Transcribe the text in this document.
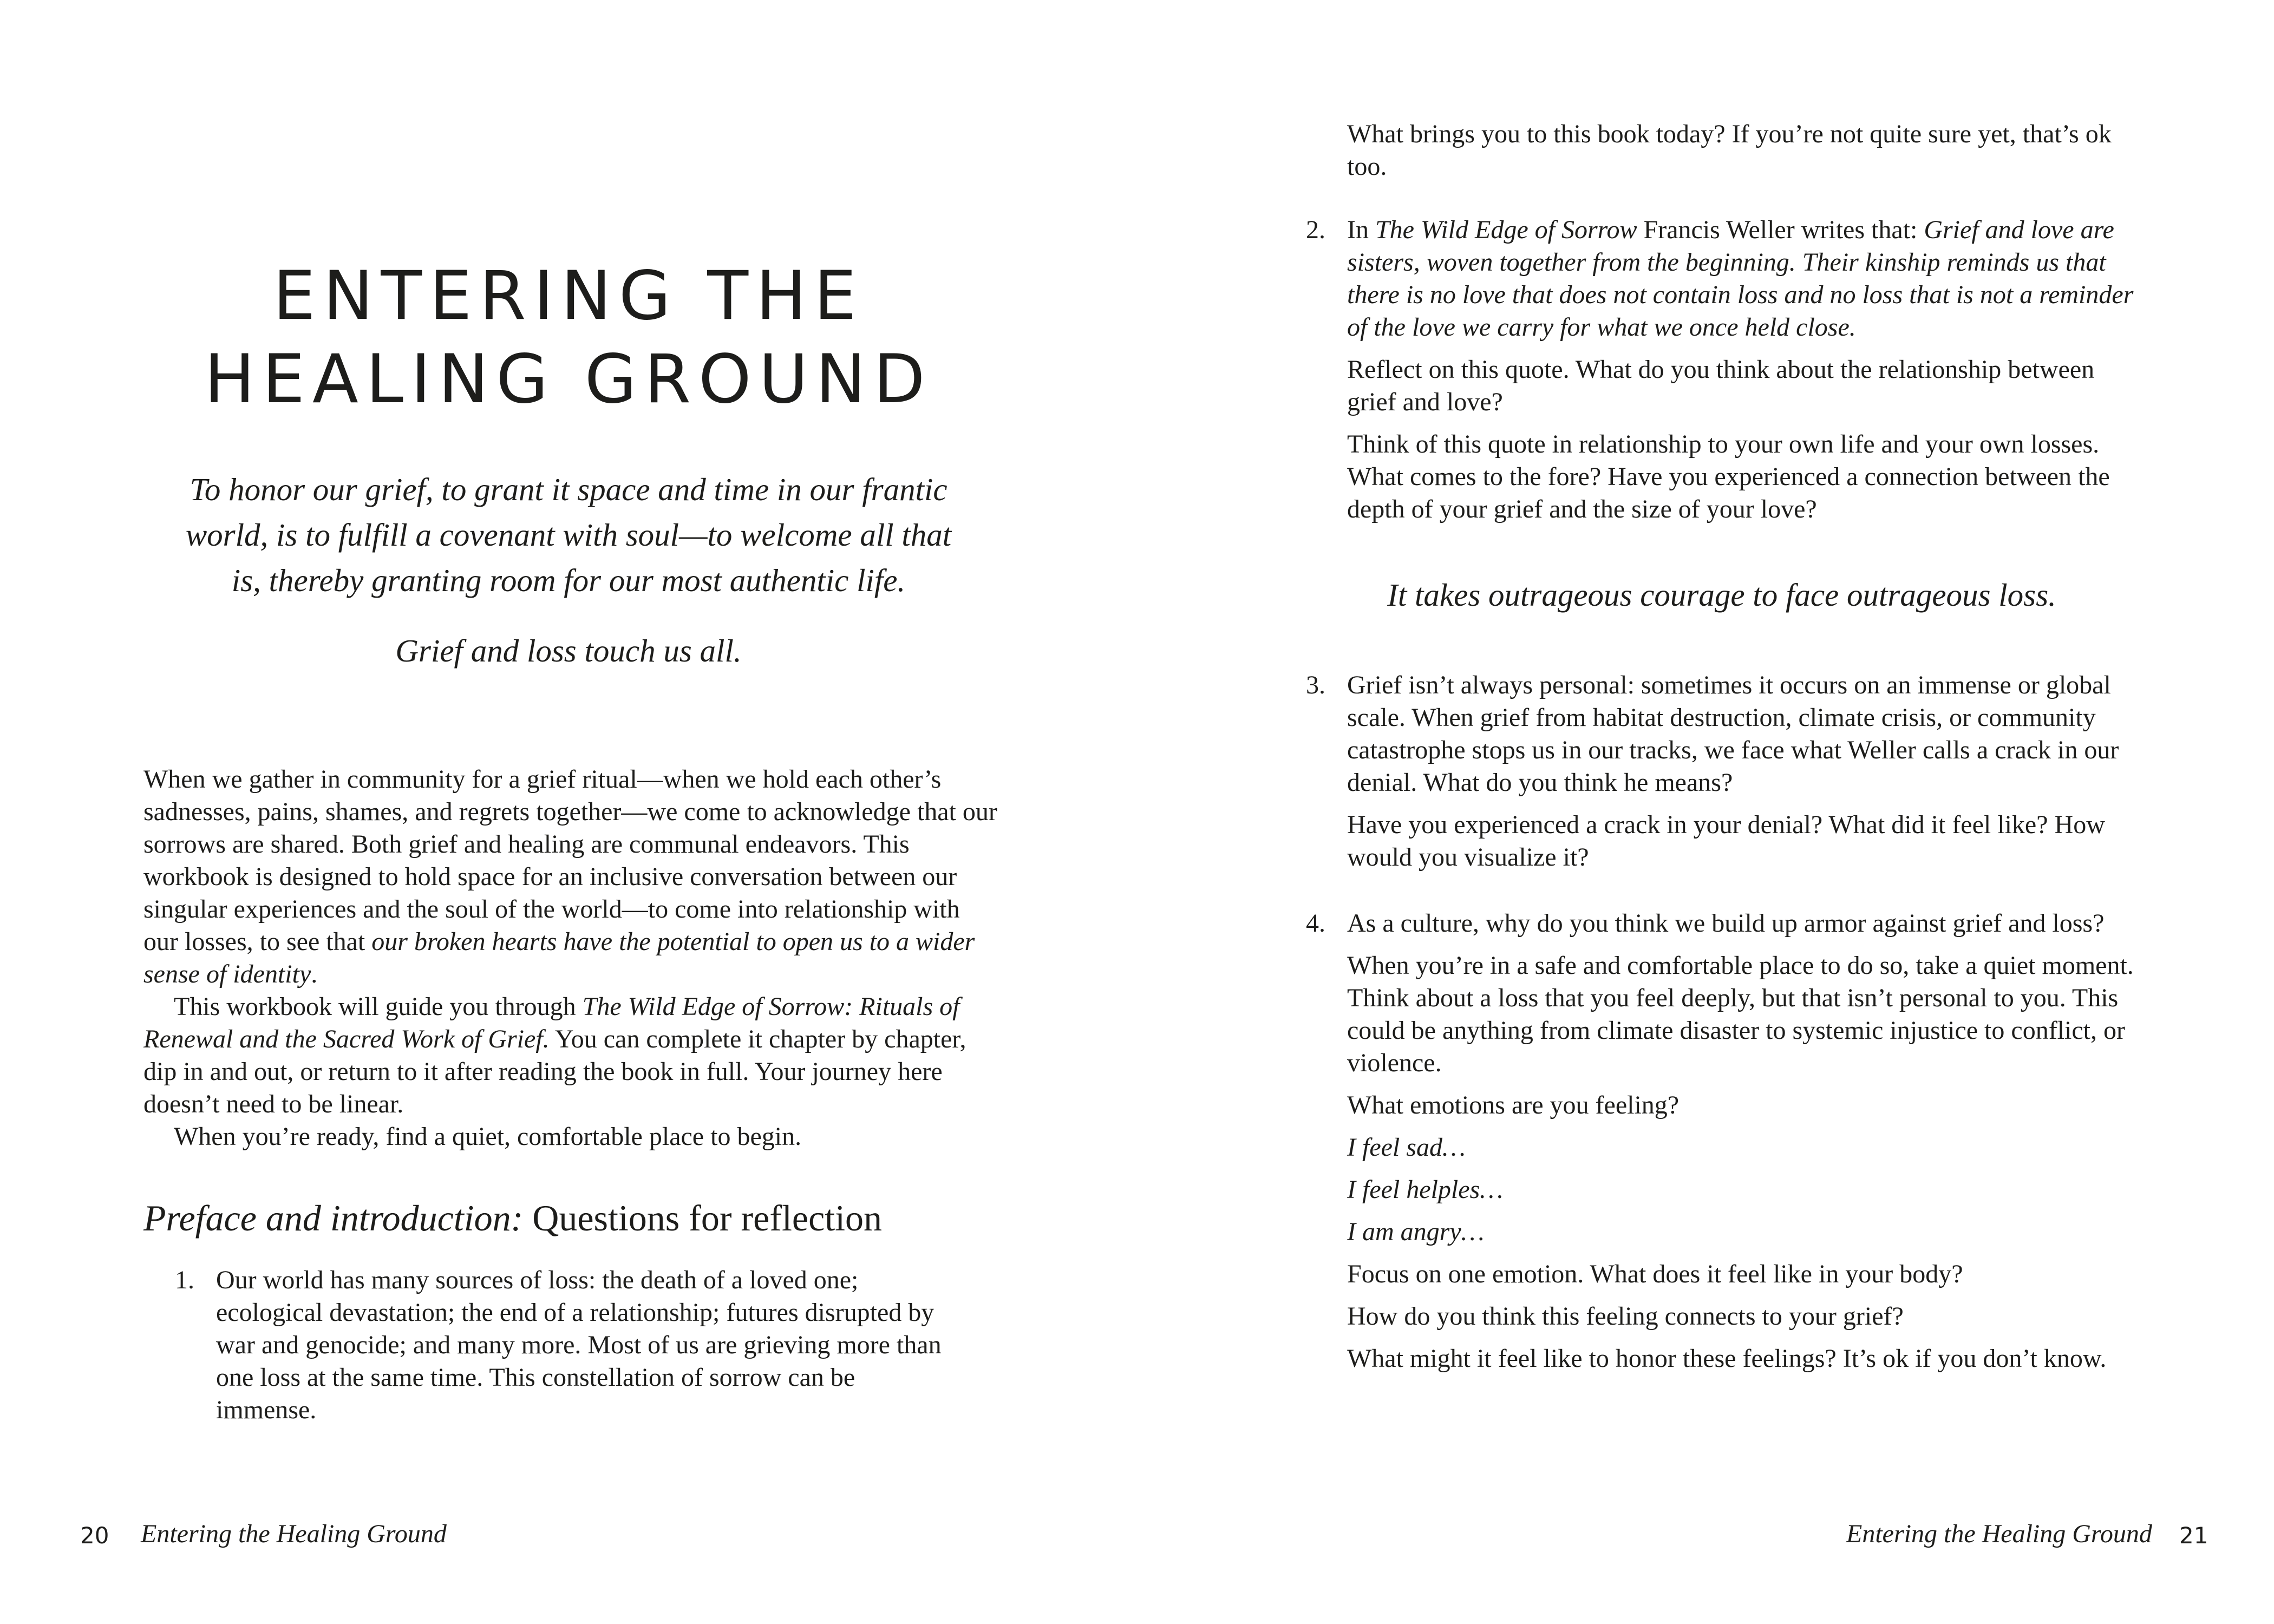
ENTERING THE
HEALING GROUND

To honor our grief, to grant it space and time in our frantic world, is to fulfill a covenant with soul—to welcome all that is, thereby granting room for our most authentic life.

Grief and loss touch us all.

When we gather in community for a grief ritual—when we hold each other’s sadnesses, pains, shames, and regrets together—we come to acknowledge that our sorrows are shared. Both grief and healing are communal endeavors. This workbook is designed to hold space for an inclusive conversation between our singular experiences and the soul of the world—to come into relationship with our losses, to see that our broken hearts have the potential to open us to a wider sense of identity.

This workbook will guide you through The Wild Edge of Sorrow: Rituals of Renewal and the Sacred Work of Grief. You can complete it chapter by chapter, dip in and out, or return to it after reading the book in full. Your journey here doesn’t need to be linear.

When you’re ready, find a quiet, comfortable place to begin.

Preface and introduction: Questions for reflection
1. Our world has many sources of loss: the death of a loved one; ecological devastation; the end of a relationship; futures disrupted by war and genocide; and many more. Most of us are grieving more than one loss at the same time. This constellation of sorrow can be immense.

20 Entering the Healing Ground

What brings you to this book today? If you’re not quite sure yet, that’s ok too.

2. In The Wild Edge of Sorrow Francis Weller writes that: Grief and love are sisters, woven together from the beginning. Their kinship reminds us that there is no love that does not contain loss and no loss that is not a reminder of the love we carry for what we once held close.

Reflect on this quote. What do you think about the relationship between grief and love?

Think of this quote in relationship to your own life and your own losses. What comes to the fore? Have you experienced a connection between the depth of your grief and the size of your love?

It takes outrageous courage to face outrageous loss.

3. Grief isn’t always personal: sometimes it occurs on an immense or global scale. When grief from habitat destruction, climate crisis, or community catastrophe stops us in our tracks, we face what Weller calls a crack in our denial. What do you think he means?

Have you experienced a crack in your denial? What did it feel like? How would you visualize it?

4. As a culture, why do you think we build up armor against grief and loss?

When you’re in a safe and comfortable place to do so, take a quiet moment. Think about a loss that you feel deeply, but that isn’t personal to you. This could be anything from climate disaster to systemic injustice to conflict, or violence.

What emotions are you feeling?

I feel sad…

I feel helples…

I am angry…

Focus on one emotion. What does it feel like in your body?

How do you think this feeling connects to your grief?

What might it feel like to honor these feelings? It’s ok if you don’t know.

Entering the Healing Ground 21
